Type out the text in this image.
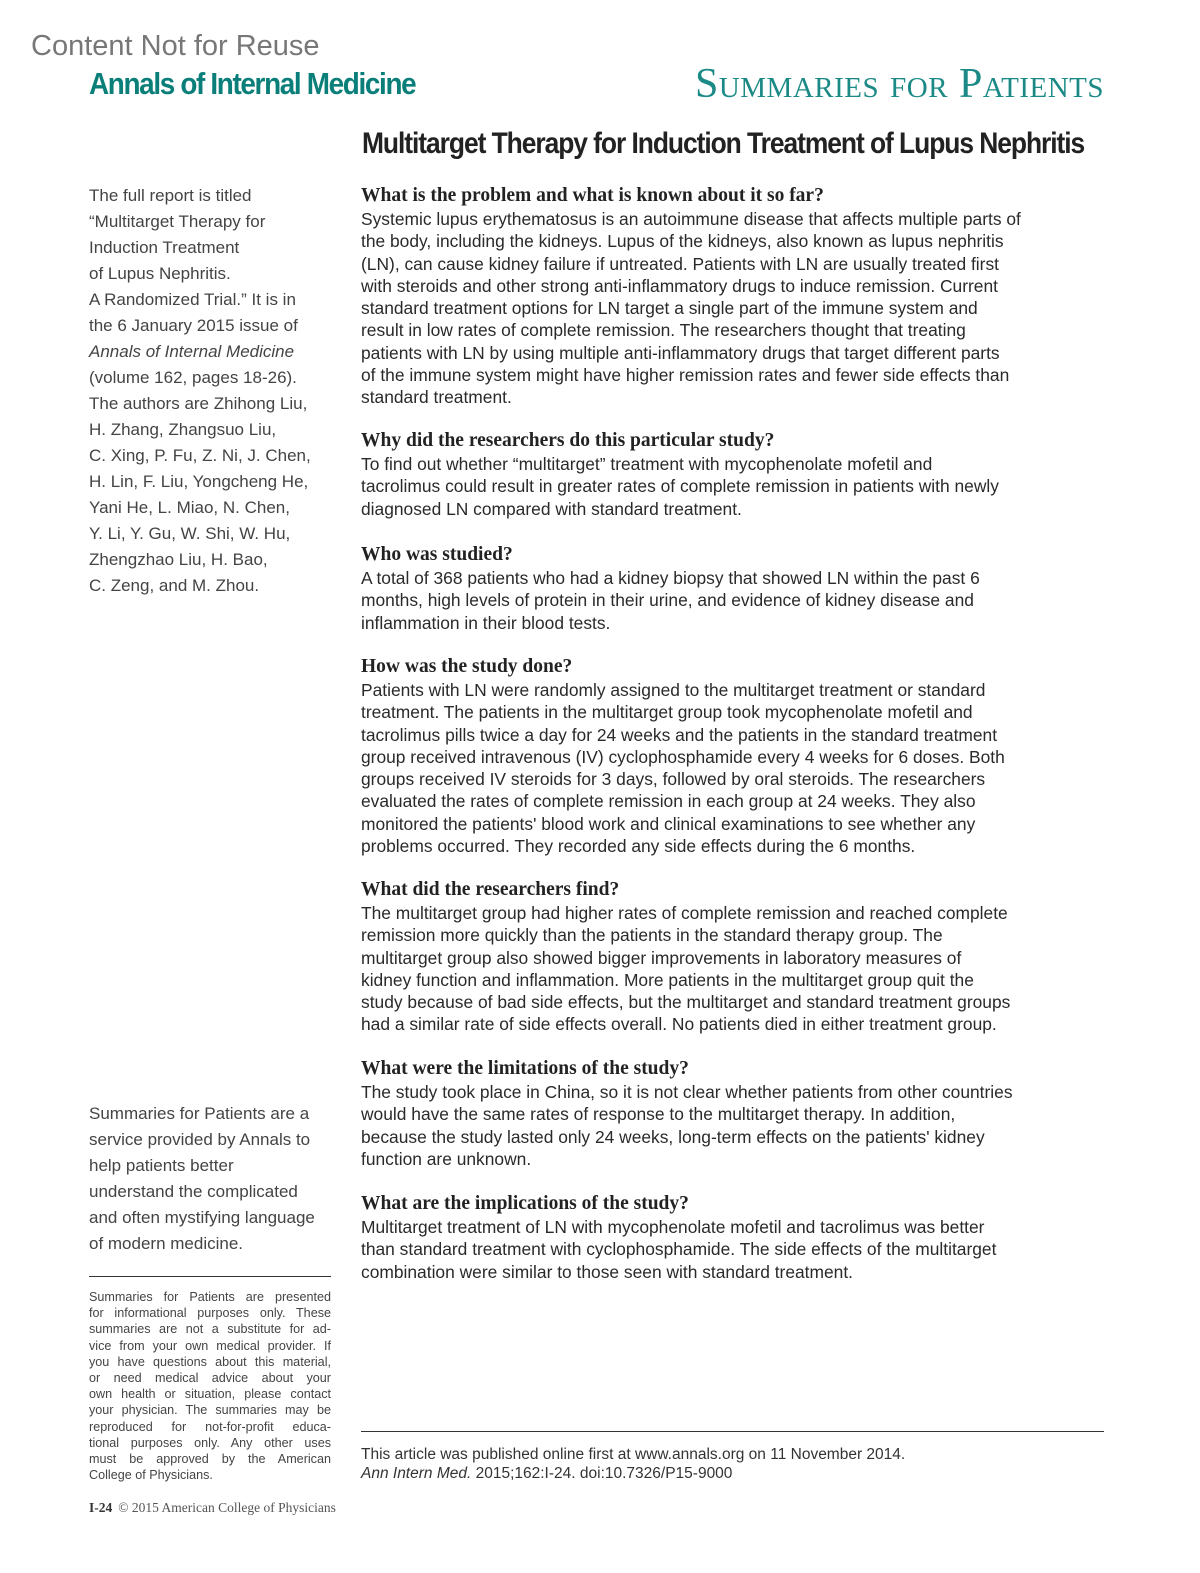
Content Not for Reuse
Annals of Internal Medicine	Summaries for Patients
Multitarget Therapy for Induction Treatment of Lupus Nephritis
The full report is titled
“Multitarget Therapy for
Induction Treatment
of Lupus Nephritis.
A Randomized Trial.” It is in
the 6 January 2015 issue of
Annals of Internal Medicine
(volume 162, pages 18-26).
The authors are Zhihong Liu,
H. Zhang, Zhangsuo Liu,
C. Xing, P. Fu, Z. Ni, J. Chen,
H. Lin, F. Liu, Yongcheng He,
Yani He, L. Miao, N. Chen,
Y. Li, Y. Gu, W. Shi, W. Hu,
Zhengzhao Liu, H. Bao,
C. Zeng, and M. Zhou.
Summaries for Patients are a
service provided by Annals to
help patients better
understand the complicated
and often mystifying language
of modern medicine.
Summaries for Patients are presented
for informational purposes only. These
summaries are not a substitute for ad-
vice from your own medical provider. If
you have questions about this material,
or need medical advice about your
own health or situation, please contact
your physician. The summaries may be
reproduced for not-for-profit educa-
tional purposes only. Any other uses
must be approved by the American
College of Physicians.
I-24 © 2015 American College of Physicians
What is the problem and what is known about it so far?
Systemic lupus erythematosus is an autoimmune disease that affects multiple parts of
the body, including the kidneys. Lupus of the kidneys, also known as lupus nephritis
(LN), can cause kidney failure if untreated. Patients with LN are usually treated first
with steroids and other strong anti-inflammatory drugs to induce remission. Current
standard treatment options for LN target a single part of the immune system and
result in low rates of complete remission. The researchers thought that treating
patients with LN by using multiple anti-inflammatory drugs that target different parts
of the immune system might have higher remission rates and fewer side effects than
standard treatment.
Why did the researchers do this particular study?
To find out whether “multitarget” treatment with mycophenolate mofetil and
tacrolimus could result in greater rates of complete remission in patients with newly
diagnosed LN compared with standard treatment.
Who was studied?
A total of 368 patients who had a kidney biopsy that showed LN within the past 6
months, high levels of protein in their urine, and evidence of kidney disease and
inflammation in their blood tests.
How was the study done?
Patients with LN were randomly assigned to the multitarget treatment or standard
treatment. The patients in the multitarget group took mycophenolate mofetil and
tacrolimus pills twice a day for 24 weeks and the patients in the standard treatment
group received intravenous (IV) cyclophosphamide every 4 weeks for 6 doses. Both
groups received IV steroids for 3 days, followed by oral steroids. The researchers
evaluated the rates of complete remission in each group at 24 weeks. They also
monitored the patients' blood work and clinical examinations to see whether any
problems occurred. They recorded any side effects during the 6 months.
What did the researchers find?
The multitarget group had higher rates of complete remission and reached complete
remission more quickly than the patients in the standard therapy group. The
multitarget group also showed bigger improvements in laboratory measures of
kidney function and inflammation. More patients in the multitarget group quit the
study because of bad side effects, but the multitarget and standard treatment groups
had a similar rate of side effects overall. No patients died in either treatment group.
What were the limitations of the study?
The study took place in China, so it is not clear whether patients from other countries
would have the same rates of response to the multitarget therapy. In addition,
because the study lasted only 24 weeks, long-term effects on the patients' kidney
function are unknown.
What are the implications of the study?
Multitarget treatment of LN with mycophenolate mofetil and tacrolimus was better
than standard treatment with cyclophosphamide. The side effects of the multitarget
combination were similar to those seen with standard treatment.
This article was published online first at www.annals.org on 11 November 2014.
Ann Intern Med. 2015;162:I-24. doi:10.7326/P15-9000
